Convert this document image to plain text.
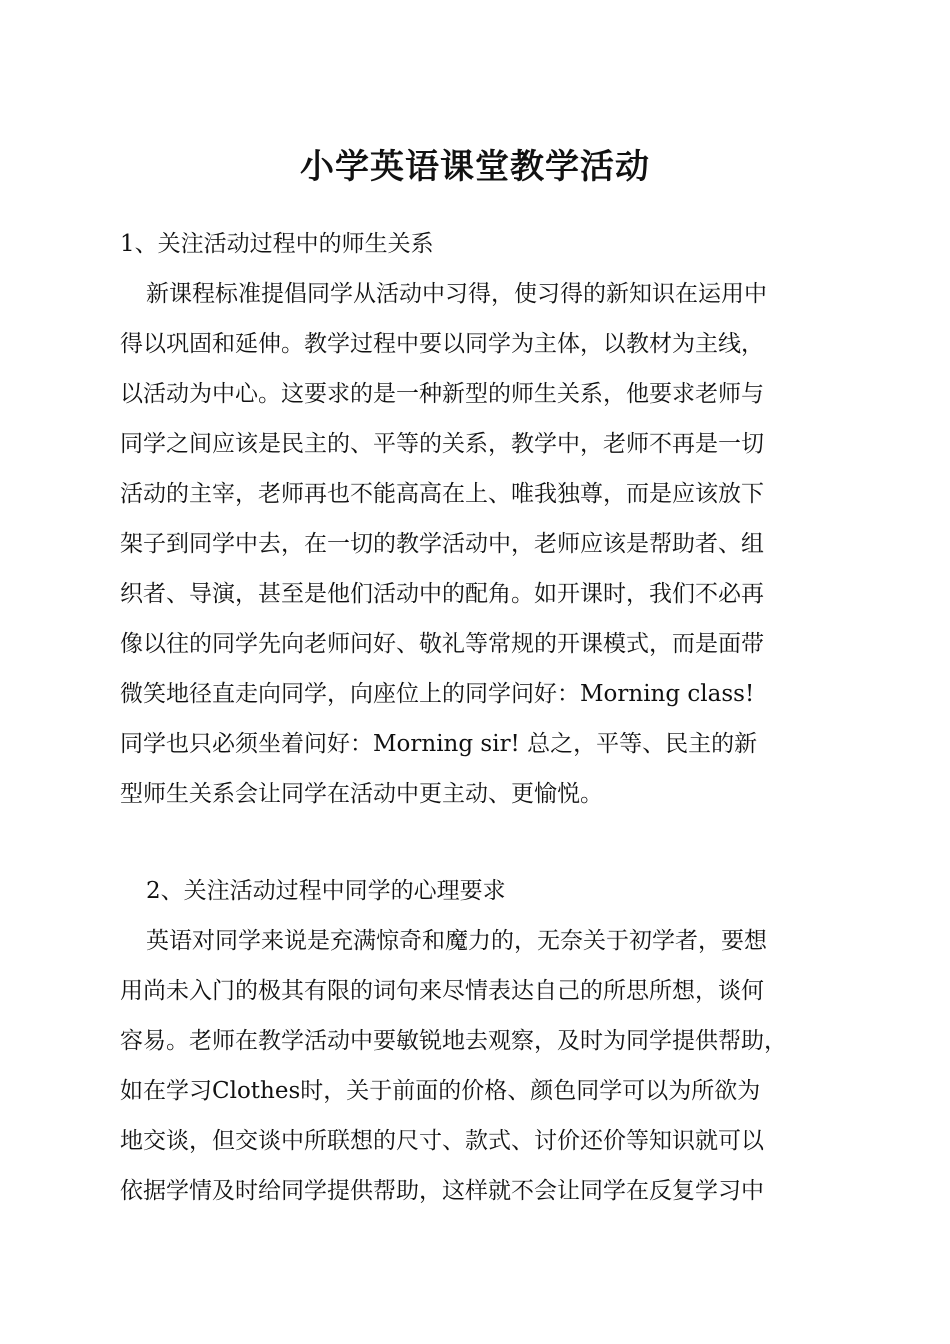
小学英语课堂教学活动
1、关注活动过程中的师生关系
新课程标准提倡同学从活动中习得，使习得的新知识在运用中
得以巩固和延伸。教学过程中要以同学为主体，以教材为主线，
以活动为中心。这要求的是一种新型的师生关系，他要求老师与
同学之间应该是民主的、平等的关系，教学中，老师不再是一切
活动的主宰，老师再也不能高高在上、唯我独尊，而是应该放下
架子到同学中去，在一切的教学活动中，老师应该是帮助者、组
织者、导演，甚至是他们活动中的配角。如开课时，我们不必再
像以往的同学先向老师问好、敬礼等常规的开课模式，而是面带
微笑地径直走向同学，向座位上的同学问好：Morning class!
同学也只必须坐着问好：Morning sir! 总之，平等、民主的新
型师生关系会让同学在活动中更主动、更愉悦。
2、关注活动过程中同学的心理要求
英语对同学来说是充满惊奇和魔力的，无奈关于初学者，要想
用尚未入门的极其有限的词句来尽情表达自己的所思所想，谈何
容易。老师在教学活动中要敏锐地去观察，及时为同学提供帮助，
如在学习Clothes时，关于前面的价格、颜色同学可以为所欲为
地交谈，但交谈中所联想的尺寸、款式、讨价还价等知识就可以
依据学情及时给同学提供帮助，这样就不会让同学在反复学习中
